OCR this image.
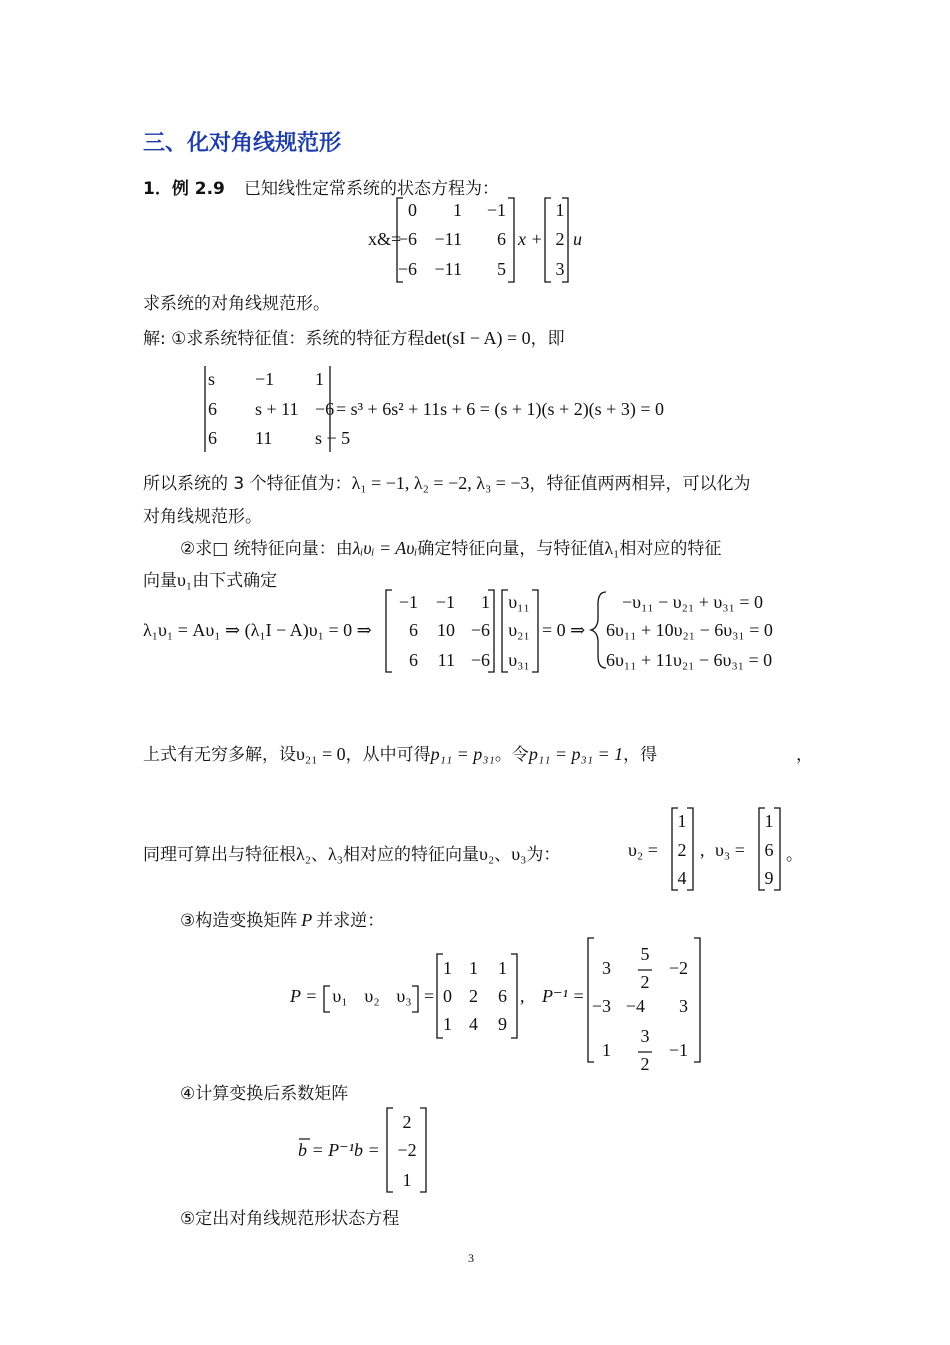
三、化对角线规范形
1．例 2.9 已知线性定常系统的状态方程为：
x&=
0 1 −1
−6 −11 6
−6 −11 5
x +
1
2
3
u
求系统的对角线规范形。
解: ①求系统特征值：系统的特征方程det(sI − A) = 0，即
s −1 1
6 s + 11 −6
6 11 s − 5
= s³ + 6s² + 11s + 6 = (s + 1)(s + 2)(s + 3) = 0
所以系统的 3 个特征值为：λ₁ = −1, λ₂ = −2, λ₃ = −3，特征值两两相异，可以化为
对角线规范形。
②求□ 统特征向量：由λᵢυᵢ = Aυᵢ确定特征向量，与特征值λ₁相对应的特征
向量υ₁由下式确定
λ₁υ₁ = Aυ₁ ⇒ (λ₁I − A)υ₁ = 0 ⇒
−1 −1 1
6 10 −6
6 11 −6
υ₁₁
υ₂₁
υ₃₁
= 0 ⇒
−υ₁₁ − υ₂₁ + υ₃₁ = 0
6υ₁₁ + 10υ₂₁ − 6υ₃₁ = 0
6υ₁₁ + 11υ₂₁ − 6υ₃₁ = 0
上式有无穷多解，设υ₂₁ = 0，从中可得p₁₁ = p₃₁。令p₁₁ = p₃₁ = 1，得	，
同理可算出与特征根λ₂、λ₃相对应的特征向量υ₂、υ₃为：	υ₂ =
1
2
4
, υ₃ =
1
6
9
。
③构造变换矩阵 P 并求逆：
P = υ₁ υ₂ υ₃ =
1 1 1
0 2 6
1 4 9
, P⁻¹ =
3
5
2
−2
−3 −4 3
1
3
2
−1
④计算变换后系数矩阵
b = P⁻¹b =
2
−2
1
⑤定出对角线规范形状态方程
3
